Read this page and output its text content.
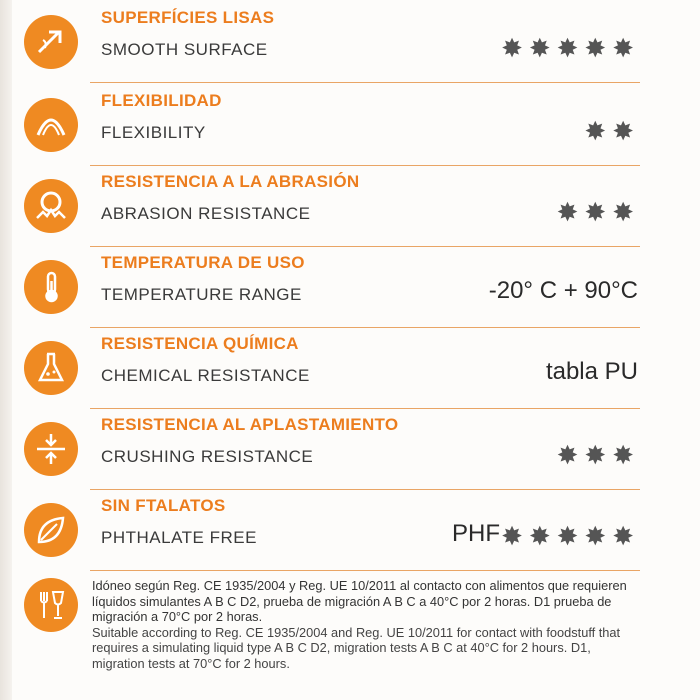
SUPERFÍCIES LISAS
SMOOTH SURFACE	✸✸✸✸✸
FLEXIBILIDAD
FLEXIBILITY	✸✸
RESISTENCIA A LA ABRASIÓN
ABRASION RESISTANCE	✸✸✸
TEMPERATURA DE USO
TEMPERATURE RANGE	-20° C + 90°C
RESISTENCIA QUÍMICA
CHEMICAL RESISTANCE	tabla PU
RESISTENCIA AL APLASTAMIENTO
CRUSHING RESISTANCE	✸✸✸
SIN FTALATOS
PHTHALATE FREE	PHF ✸✸✸✸✸

Idóneo según Reg. CE 1935/2004 y Reg. UE 10/2011 al contacto con alimentos que requieren líquidos simulantes A B C D2, prueba de migración A B C a 40°C por 2 horas. D1 prueba de migración a 70°C por 2 horas.

Suitable according to Reg. CE 1935/2004 and Reg. UE 10/2011 for contact with foodstuff that requires a simulating liquid type A B C D2, migration tests A B C at 40°C for 2 hours. D1, migration tests at 70°C for 2 hours.
